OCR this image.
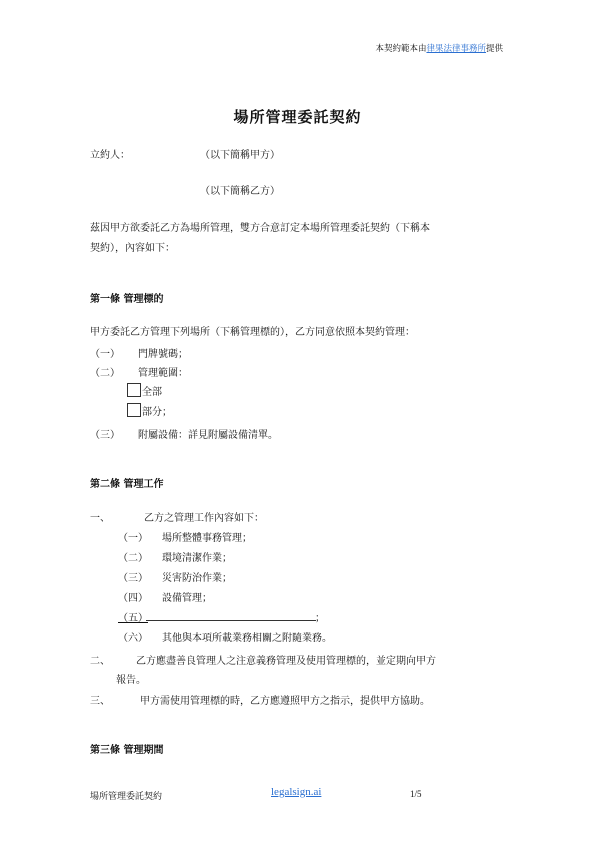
本契約範本由律果法律事務所提供
場所管理委託契約
立約人：	（以下簡稱甲方）
（以下簡稱乙方）
茲因甲方欲委託乙方為場所管理，雙方合意訂定本場所管理委託契約（下稱本
契約），內容如下：
第一條 管理標的
甲方委託乙方管理下列場所（下稱管理標的），乙方同意依照本契約管理：
（一） 門牌號碼；
（二） 管理範圍：
全部
部分；
（三） 附屬設備：詳見附屬設備清單。
第二條 管理工作
一、	乙方之管理工作內容如下：
（一） 場所整體事務管理；
（二） 環境清潔作業；
（三） 災害防治作業；
（四） 設備管理；
（五）	；
（六） 其他與本項所載業務相關之附隨業務。
二、	乙方應盡善良管理人之注意義務管理及使用管理標的，並定期向甲方
報告。
三、	甲方需使用管理標的時，乙方應遵照甲方之指示，提供甲方協助。
第三條 管理期間
場所管理委託契約	legalsign.ai	1/5
